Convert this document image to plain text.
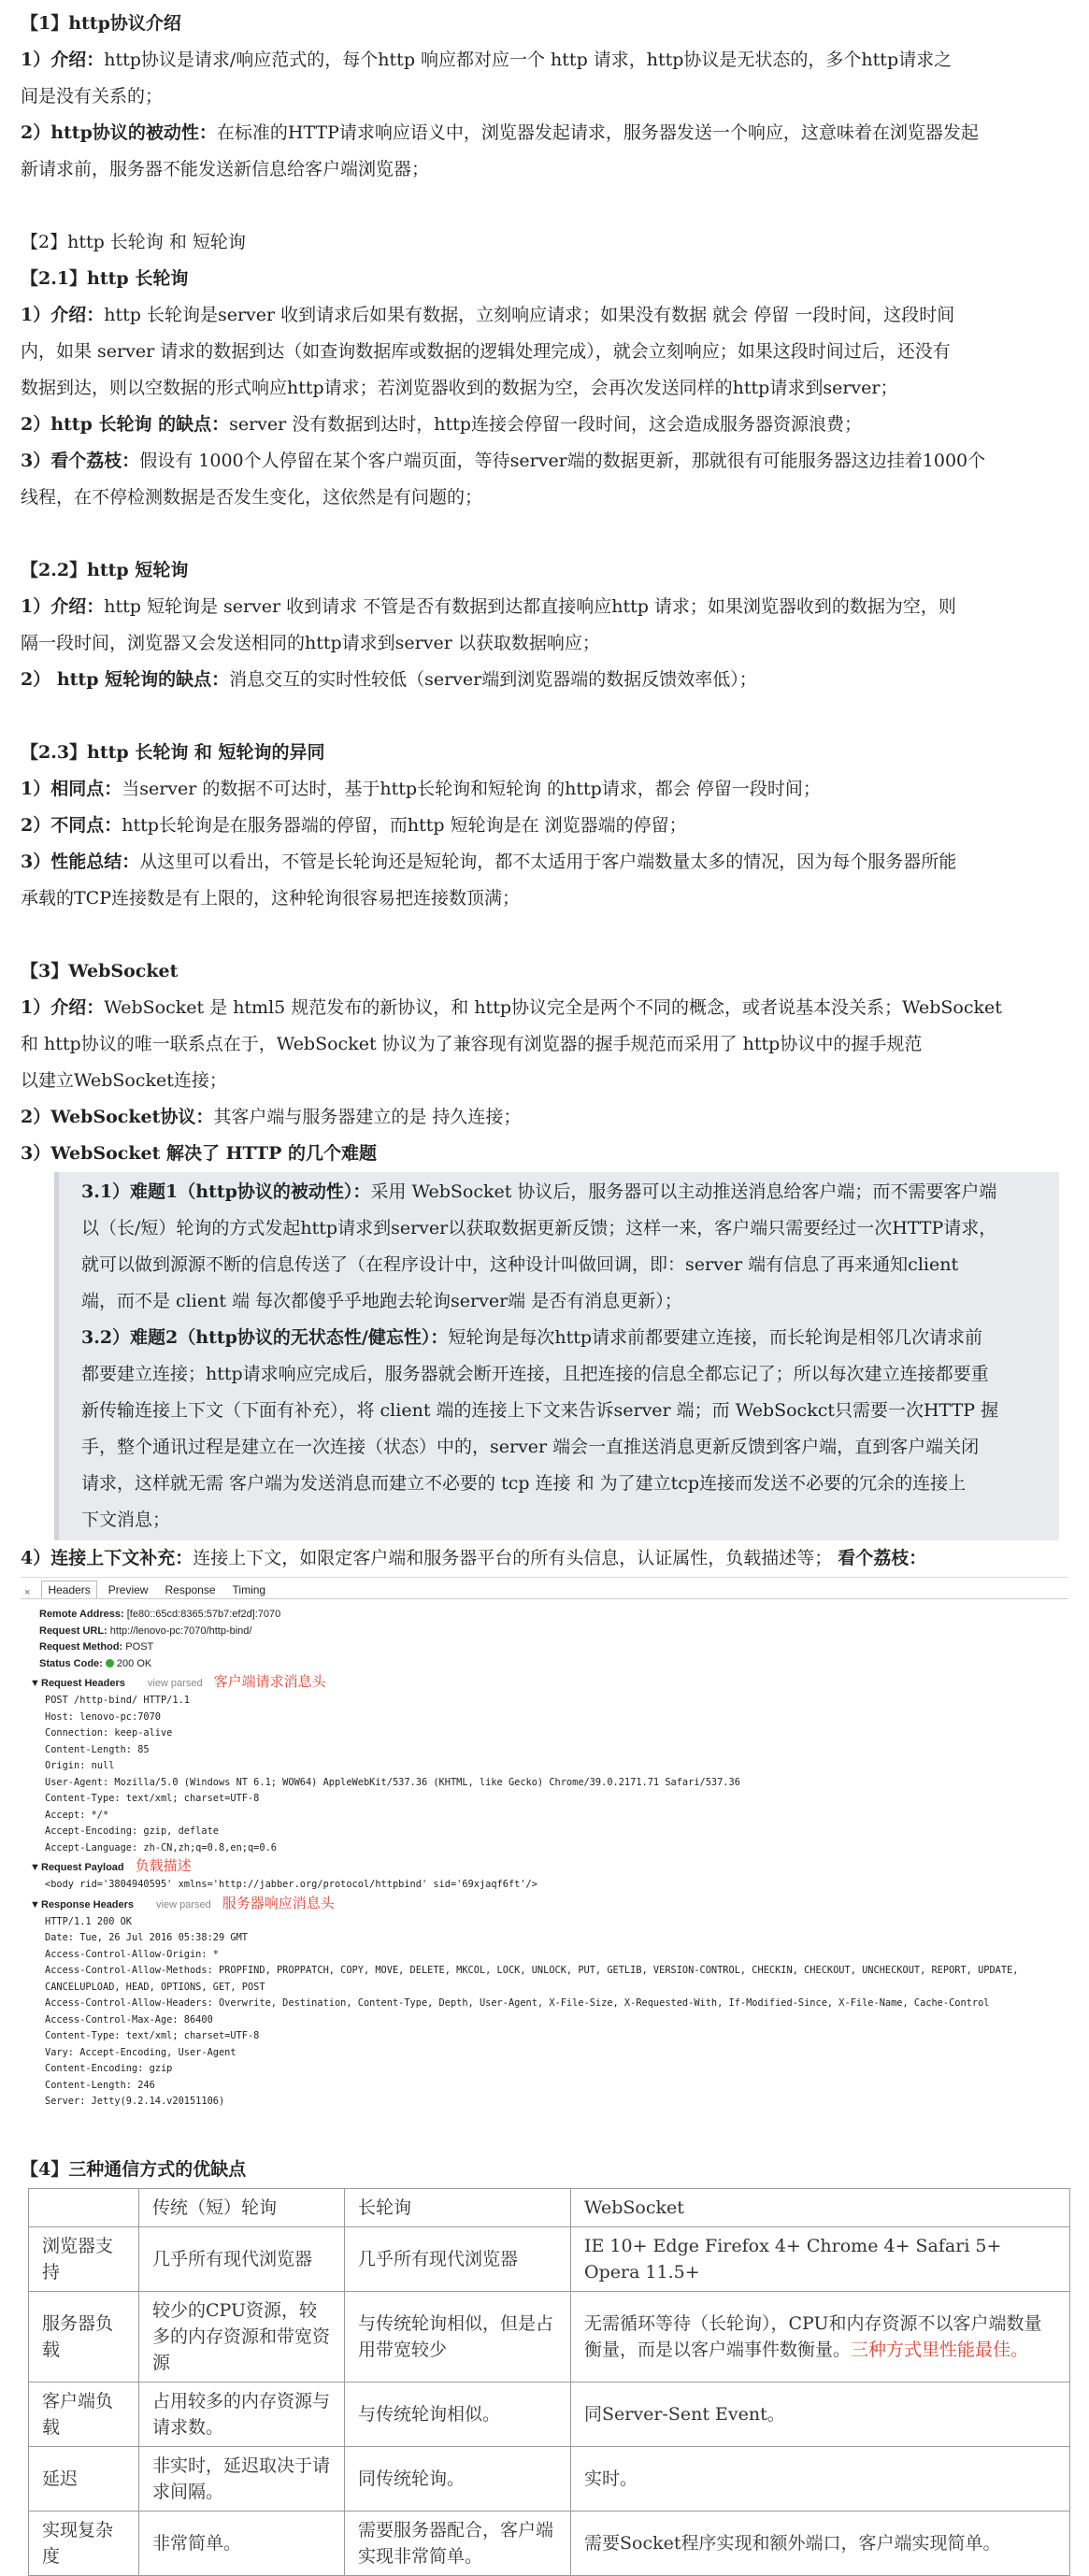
【1】http协议介绍

1）介绍：http协议是请求/响应范式的，每个http 响应都对应一个 http 请求，http协议是无状态的，多个http请求之

间是没有关系的；

2）http协议的被动性：在标准的HTTP请求响应语义中，浏览器发起请求，服务器发送一个响应，这意味着在浏览器发起

新请求前，服务器不能发送新信息给客户端浏览器；

【2】http 长轮询 和 短轮询

【2.1】http 长轮询

1）介绍：http 长轮询是server 收到请求后如果有数据，立刻响应请求；如果没有数据 就会 停留 一段时间，这段时间

内，如果 server 请求的数据到达（如查询数据库或数据的逻辑处理完成），就会立刻响应；如果这段时间过后，还没有

数据到达，则以空数据的形式响应http请求；若浏览器收到的数据为空，会再次发送同样的http请求到server；

2）http 长轮询 的缺点：server 没有数据到达时，http连接会停留一段时间，这会造成服务器资源浪费；

3）看个荔枝：假设有 1000个人停留在某个客户端页面，等待server端的数据更新，那就很有可能服务器这边挂着1000个

线程，在不停检测数据是否发生变化，这依然是有问题的；

【2.2】http 短轮询

1）介绍：http 短轮询是 server 收到请求 不管是否有数据到达都直接响应http 请求；如果浏览器收到的数据为空，则

隔一段时间，浏览器又会发送相同的http请求到server 以获取数据响应；

2） http 短轮询的缺点：消息交互的实时性较低（server端到浏览器端的数据反馈效率低）；

【2.3】http 长轮询 和 短轮询的异同

1）相同点：当server 的数据不可达时，基于http长轮询和短轮询 的http请求，都会 停留一段时间；

2）不同点：http长轮询是在服务器端的停留，而http 短轮询是在 浏览器端的停留；

3）性能总结：从这里可以看出，不管是长轮询还是短轮询，都不太适用于客户端数量太多的情况，因为每个服务器所能

承载的TCP连接数是有上限的，这种轮询很容易把连接数顶满；

【3】WebSocket

1）介绍：WebSocket 是 html5 规范发布的新协议，和 http协议完全是两个不同的概念，或者说基本没关系；WebSocket

和 http协议的唯一联系点在于，WebSocket 协议为了兼容现有浏览器的握手规范而采用了 http协议中的握手规范

以建立WebSocket连接；

2）WebSocket协议：其客户端与服务器建立的是 持久连接；

3）WebSocket 解决了 HTTP 的几个难题

3.1）难题1（http协议的被动性）：采用 WebSocket 协议后，服务器可以主动推送消息给客户端；而不需要客户端

以（长/短）轮询的方式发起http请求到server以获取数据更新反馈；这样一来，客户端只需要经过一次HTTP请求，

就可以做到源源不断的信息传送了（在程序设计中，这种设计叫做回调，即：server 端有信息了再来通知client

端，而不是 client 端 每次都傻乎乎地跑去轮询server端 是否有消息更新）；

3.2）难题2（http协议的无状态性/健忘性）：短轮询是每次http请求前都要建立连接，而长轮询是相邻几次请求前

都要建立连接；http请求响应完成后，服务器就会断开连接，且把连接的信息全都忘记了；所以每次建立连接都要重

新传输连接上下文（下面有补充），将 client 端的连接上下文来告诉server 端；而 WebSockct只需要一次HTTP 握

手，整个通讯过程是建立在一次连接（状态）中的，server 端会一直推送消息更新反馈到客户端，直到客户端关闭

请求，这样就无需 客户端为发送消息而建立不必要的 tcp 连接 和 为了建立tcp连接而发送不必要的冗余的连接上

下文消息；

4）连接上下文补充：连接上下文，如限定客户端和服务器平台的所有头信息，认证属性，负载描述等； 看个荔枝：

×	Headers	Preview	Response	Timing
Remote Address: [fe80::65cd:8365:57b7:ef2d]:7070
Request URL: http://lenovo-pc:7070/http-bind/
Request Method: POST
Status Code: 200 OK
▼Request Headers view parsed 客户端请求消息头
POST /http-bind/ HTTP/1.1
Host: lenovo-pc:7070
Connection: keep-alive
Content-Length: 85
Origin: null
User-Agent: Mozilla/5.0 (Windows NT 6.1; WOW64) AppleWebKit/537.36 (KHTML, like Gecko) Chrome/39.0.2171.71 Safari/537.36
Content-Type: text/xml; charset=UTF-8
Accept: */*
Accept-Encoding: gzip, deflate
Accept-Language: zh-CN,zh;q=0.8,en;q=0.6
▼Request Payload 负载描述
<body rid='3804940595' xmlns='http://jabber.org/protocol/httpbind' sid='69xjaqf6ft'/>
▼Response Headers view parsed 服务器响应消息头
HTTP/1.1 200 OK
Date: Tue, 26 Jul 2016 05:38:29 GMT
Access-Control-Allow-Origin: *
Access-Control-Allow-Methods: PROPFIND, PROPPATCH, COPY, MOVE, DELETE, MKCOL, LOCK, UNLOCK, PUT, GETLIB, VERSION-CONTROL, CHECKIN, CHECKOUT, UNCHECKOUT, REPORT, UPDATE,
CANCELUPLOAD, HEAD, OPTIONS, GET, POST
Access-Control-Allow-Headers: Overwrite, Destination, Content-Type, Depth, User-Agent, X-File-Size, X-Requested-With, If-Modified-Since, X-File-Name, Cache-Control
Access-Control-Max-Age: 86400
Content-Type: text/xml; charset=UTF-8
Vary: Accept-Encoding, User-Agent
Content-Encoding: gzip
Content-Length: 246
Server: Jetty(9.2.14.v20151106)

【4】三种通信方式的优缺点

	传统（短）轮询	长轮询	WebSocket
浏览器支持	几乎所有现代浏览器	几乎所有现代浏览器	IE 10+ Edge Firefox 4+ Chrome 4+ Safari 5+ Opera 11.5+
服务器负载	较少的CPU资源，较多的内存资源和带宽资源	与传统轮询相似，但是占用带宽较少	无需循环等待（长轮询），CPU和内存资源不以客户端数量衡量，而是以客户端事件数衡量。三种方式里性能最佳。
客户端负载	占用较多的内存资源与请求数。	与传统轮询相似。	同Server-Sent Event。
延迟	非实时，延迟取决于请求间隔。	同传统轮询。	实时。
实现复杂度	非常简单。	需要服务器配合，客户端实现非常简单。	需要Socket程序实现和额外端口，客户端实现简单。
